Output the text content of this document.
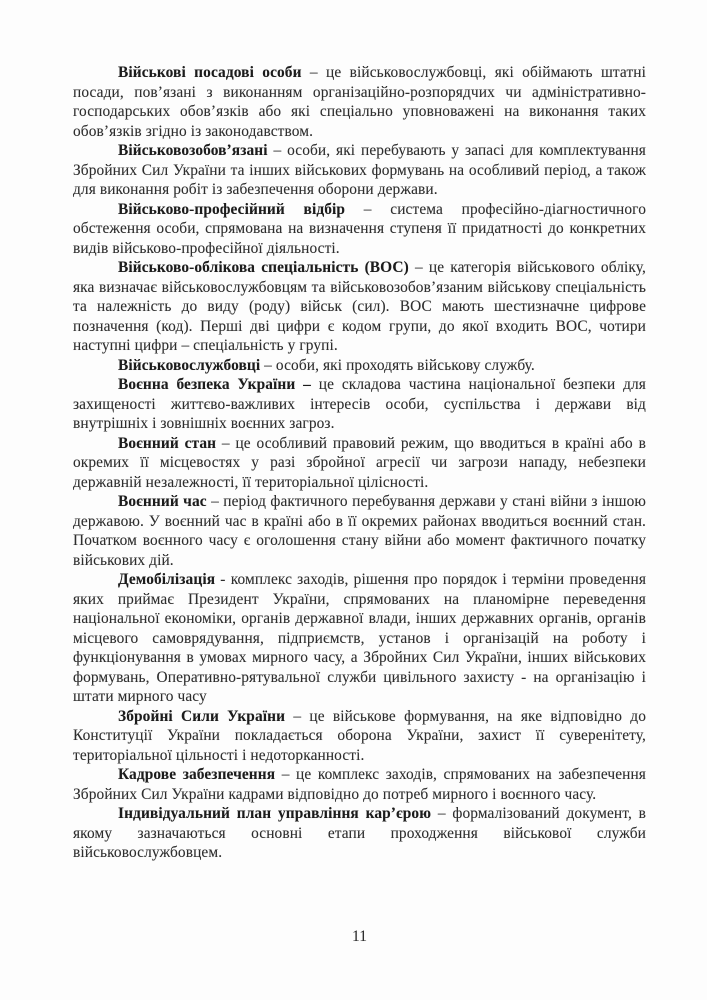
Військові посадові особи – це військовослужбовці, які обіймають штатні посади, пов’язані з виконанням організаційно-розпорядчих чи адміністративно-господарських обов’язків або які спеціально уповноважені на виконання таких обов’язків згідно із законодавством.

Військовозобов’язані – особи, які перебувають у запасі для комплектування Збройних Сил України та інших військових формувань на особливий період, а також для виконання робіт із забезпечення оборони держави.

Військово-професійний відбір – система професійно-діагностичного обстеження особи, спрямована на визначення ступеня її придатності до конкретних видів військово-професійної діяльності.

Військово-облікова спеціальність (ВОС) – це категорія військового обліку, яка визначає військовослужбовцям та військовозобов’язаним військову спеціальність та належність до виду (роду) військ (сил). ВОС мають шестизначне цифрове позначення (код). Перші дві цифри є кодом групи, до якої входить ВОС, чотири наступні цифри – спеціальність у групі.

Військовослужбовці – особи, які проходять військову службу.

Воєнна безпека України – це складова частина національної безпеки для захищеності життєво-важливих інтересів особи, суспільства і держави від внутрішніх і зовнішніх воєнних загроз.

Воєнний стан – це особливий правовий режим, що вводиться в країні або в окремих її місцевостях у разі збройної агресії чи загрози нападу, небезпеки державній незалежності, її територіальної цілісності.

Воєнний час – період фактичного перебування держави у стані війни з іншою державою. У воєнний час в країні або в її окремих районах вводиться воєнний стан. Початком воєнного часу є оголошення стану війни або момент фактичного початку військових дій.

Демобілізація - комплекс заходів, рішення про порядок і терміни проведення яких приймає Президент України, спрямованих на планомірне переведення національної економіки, органів державної влади, інших державних органів, органів місцевого самоврядування, підприємств, установ і організацій на роботу і функціонування в умовах мирного часу, а Збройних Сил України, інших військових формувань, Оперативно-рятувальної служби цивільного захисту - на організацію і штати мирного часу

Збройні Сили України – це військове формування, на яке відповідно до Конституції України покладається оборона України, захист її суверенітету, територіальної цільності і недоторканності.

Кадрове забезпечення – це комплекс заходів, спрямованих на забезпечення Збройних Сил України кадрами відповідно до потреб мирного і воєнного часу.

Індивідуальний план управління кар’єрою – формалізований документ, в якому зазначаються основні етапи проходження військової служби військовослужбовцем.

11
